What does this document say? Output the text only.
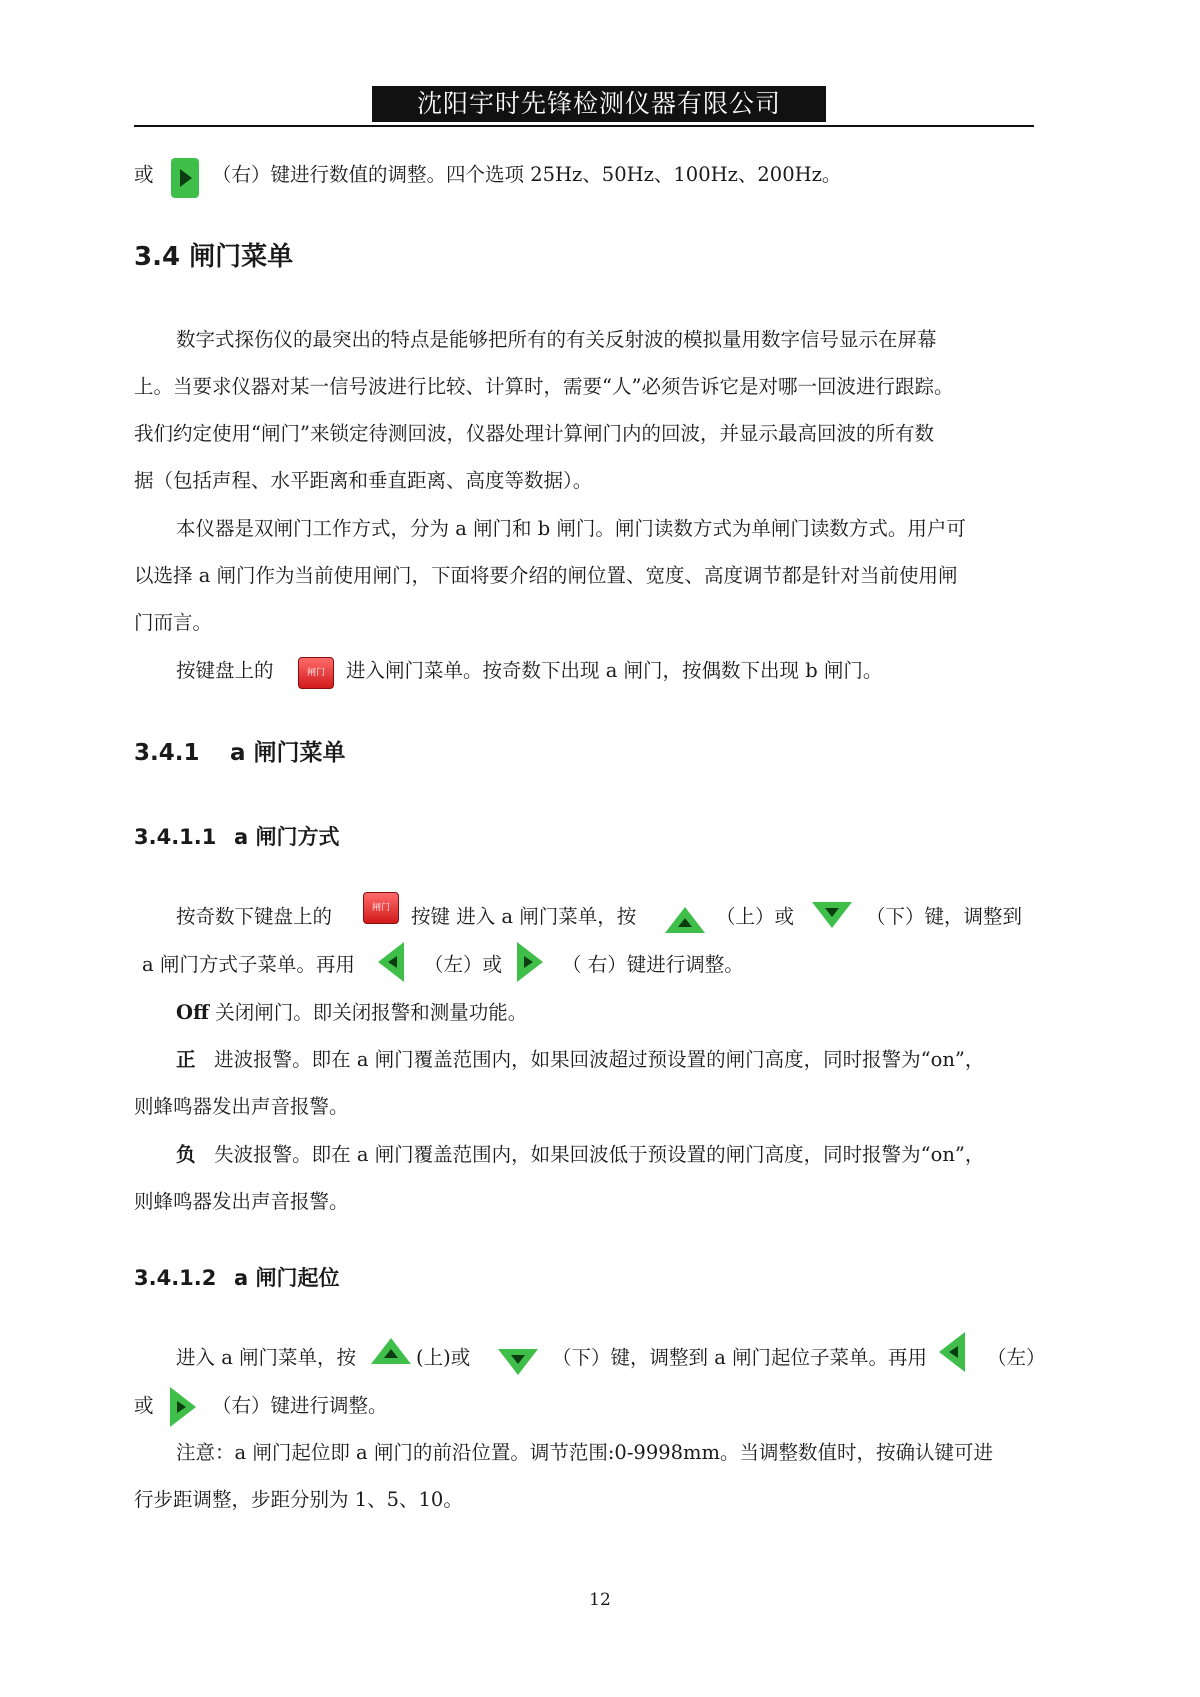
沈阳宇时先锋检测仪器有限公司
或	（右）键进行数值的调整。四个选项 25Hz、50Hz、100Hz、200Hz。
3.4 闸门菜单
数字式探伤仪的最突出的特点是能够把所有的有关反射波的模拟量用数字信号显示在屏幕
上。当要求仪器对某一信号波进行比较、计算时，需要“人”必须告诉它是对哪一回波进行跟踪。
我们约定使用“闸门”来锁定待测回波，仪器处理计算闸门内的回波，并显示最高回波的所有数
据（包括声程、水平距离和垂直距离、高度等数据）。
本仪器是双闸门工作方式，分为 a 闸门和 b 闸门。闸门读数方式为单闸门读数方式。用户可
以选择 a 闸门作为当前使用闸门，下面将要介绍的闸位置、宽度、高度调节都是针对当前使用闸
门而言。
按键盘上的	闸门	进入闸门菜单。按奇数下出现 a 闸门，按偶数下出现 b 闸门。
3.4.1 a 闸门菜单
3.4.1.1 a 闸门方式
按奇数下键盘上的	闸门	按键 进入 a 闸门菜单，按	（上）或	（下）键，调整到
a 闸门方式子菜单。再用	（左）或	（ 右）键进行调整。
Off 关闭闸门。即关闭报警和测量功能。
正 进波报警。即在 a 闸门覆盖范围内，如果回波超过预设置的闸门高度，同时报警为“on”，
则蜂鸣器发出声音报警。
负 失波报警。即在 a 闸门覆盖范围内，如果回波低于预设置的闸门高度，同时报警为“on”，
则蜂鸣器发出声音报警。
3.4.1.2 a 闸门起位
进入 a 闸门菜单，按	(上)或	（下）键，调整到 a 闸门起位子菜单。再用	（左）
或	（右）键进行调整。
注意：a 闸门起位即 a 闸门的前沿位置。调节范围:0-9998mm。当调整数值时，按确认键可进
行步距调整，步距分别为 1、5、10。
12
